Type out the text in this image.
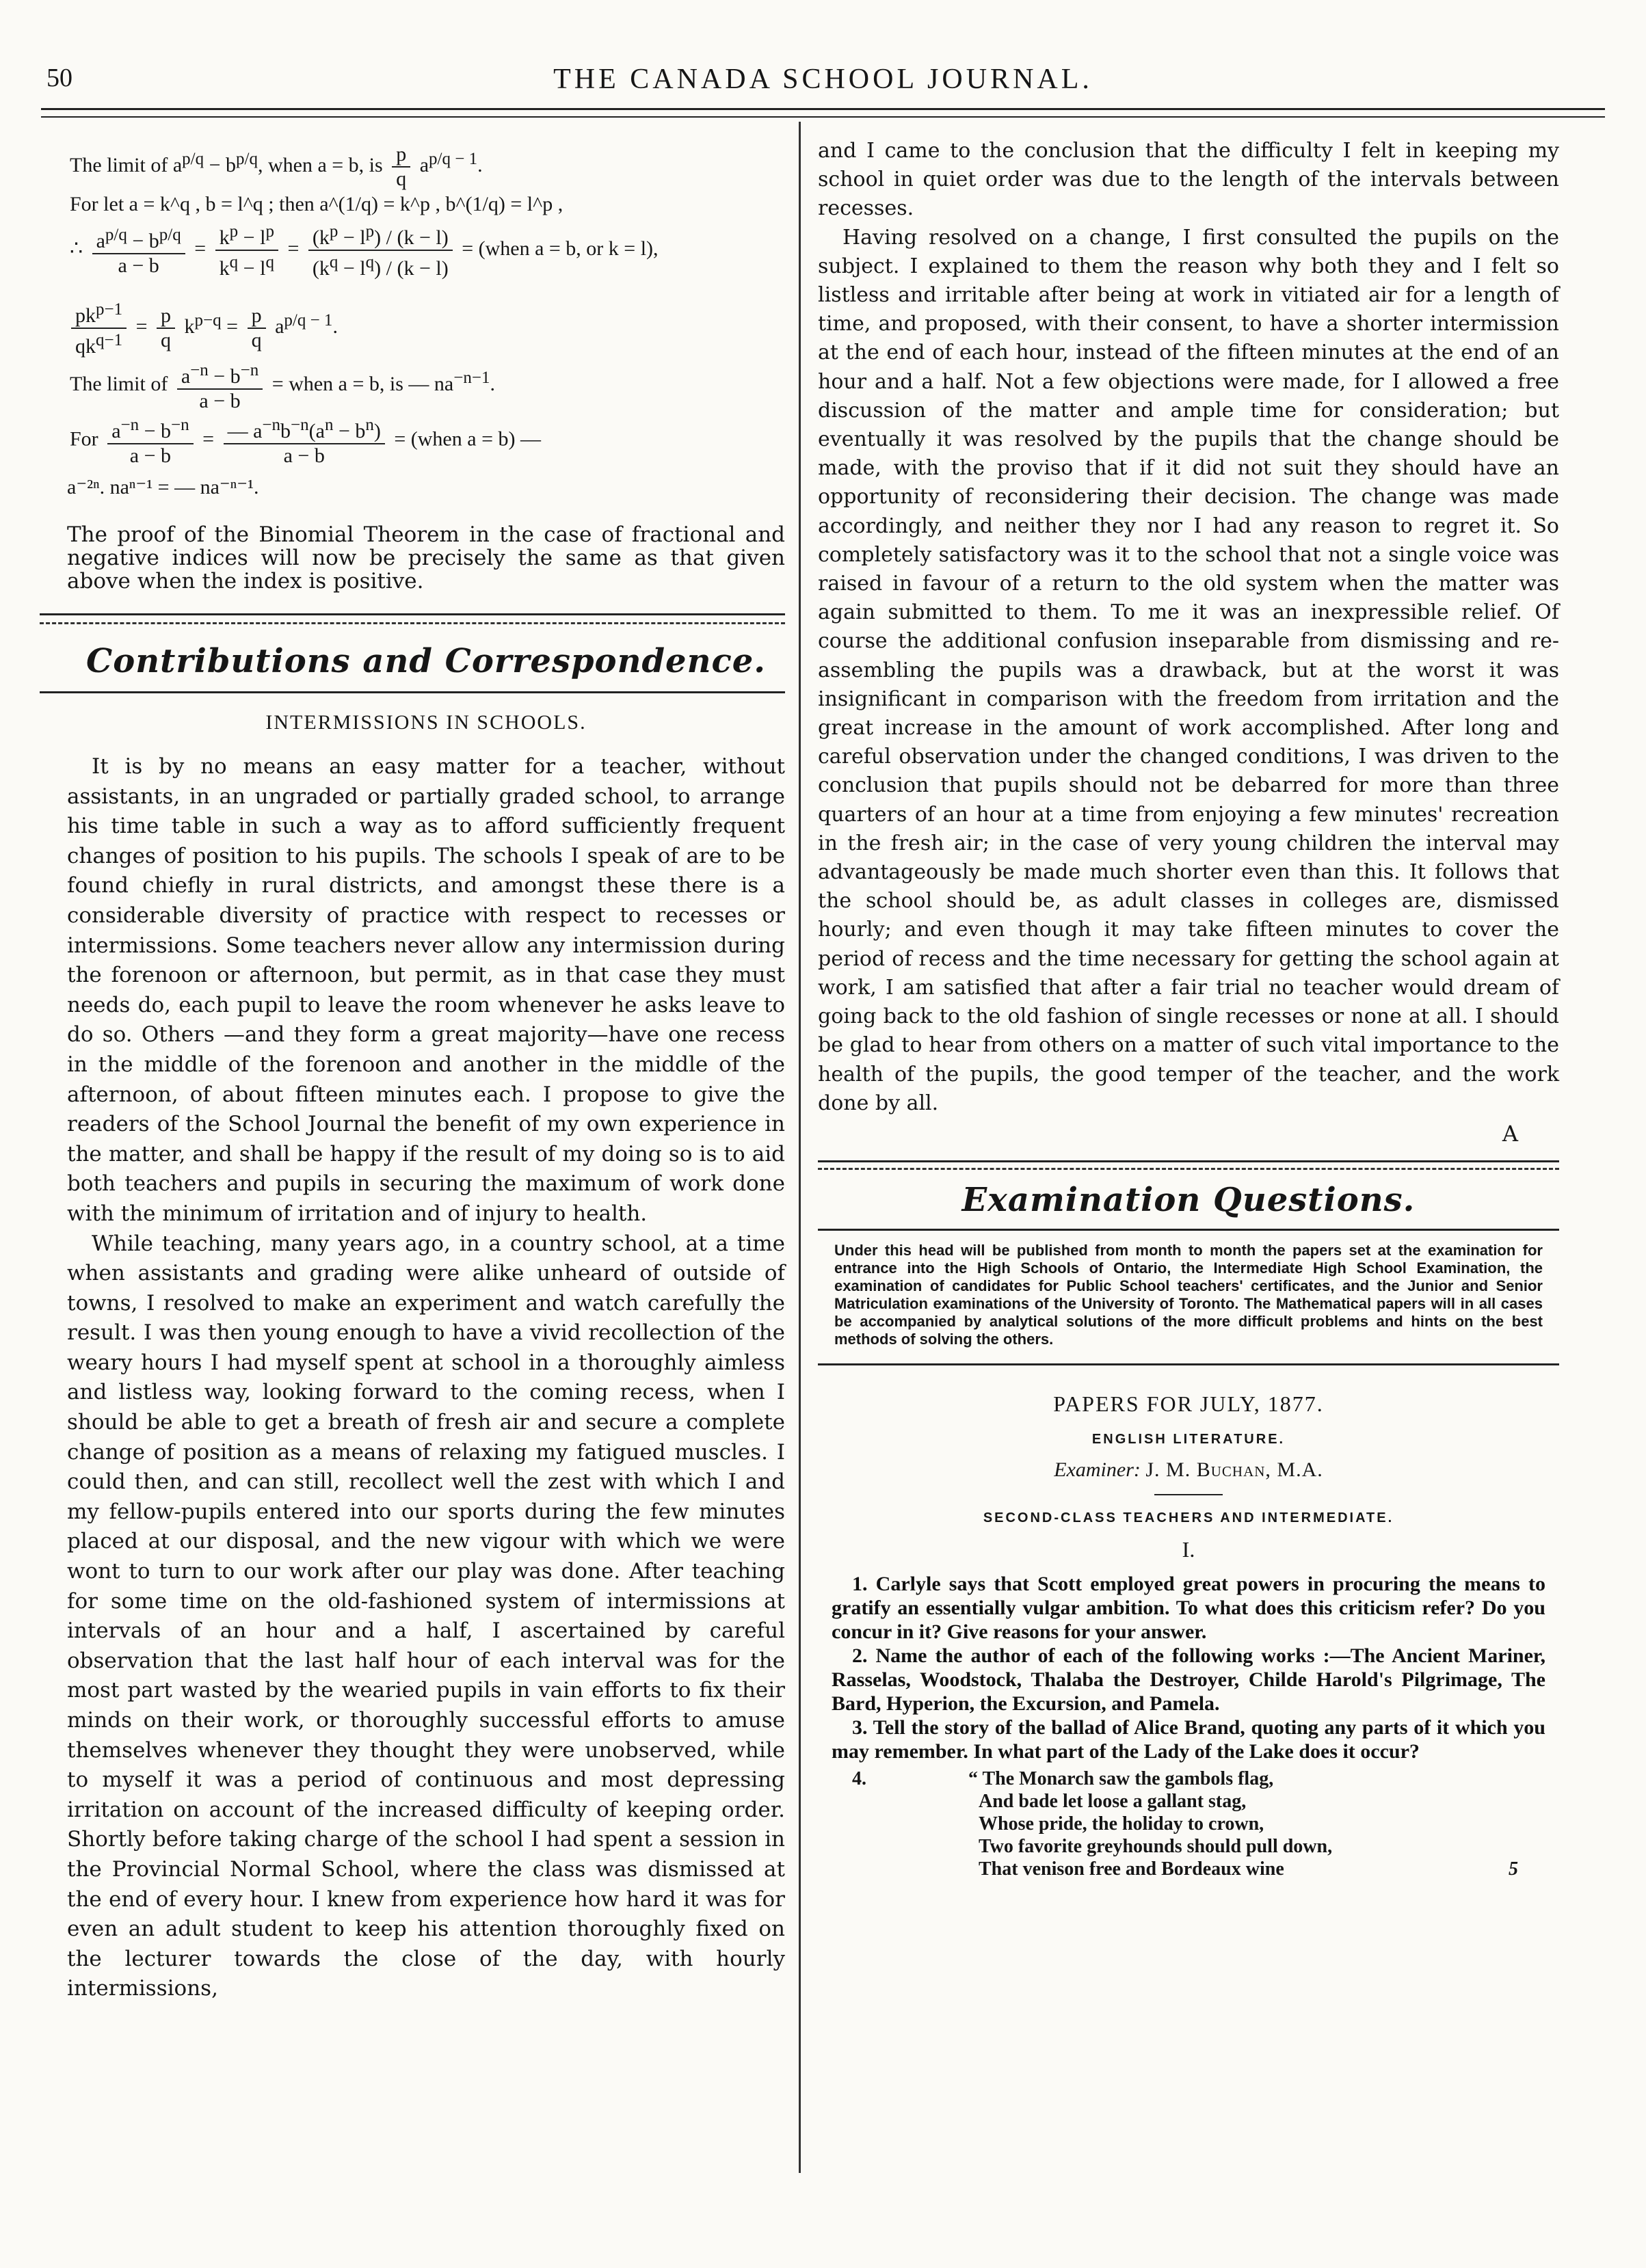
50	THE CANADA SCHOOL JOURNAL.
The limit of $a^{p/q} - b^{p/q}$, when a = b, is $\frac{p}{q} a^{p/q - 1}$.
For let a = k^q , b = l^q ; then a^(1/q) = k^p , b^(1/q) = l^p ,
∴ $\frac{a^{p/q} - b^{p/q}}{a - b} = \frac{k^p - l^p}{k^q - l^q} = \frac{(k^p - l^p) / (k - l)}{(k^q - l^q) / (k - l)}$ = (when a = b, or k = l),
$pk^{p-1}$
$qk^{q-1}$
= $\frac{p}{q} k^{p-q} = \frac{p}{q} a^{p/q - 1}$.
The limit of $\frac{a^{-n} - b^{-n}}{a - b}$ = when a = b, is — $na^{-n-1}$.
For $\frac{a^{-n} - b^{-n}}{a - b} = \frac{— a^{-n}b^{-n}(a^n - b^n)}{a - b}$ = (when a = b) —
a⁻²ⁿ. naⁿ⁻¹ = — na⁻ⁿ⁻¹.

The proof of the Binomial Theorem in the case of fractional and negative indices will now be precisely the same as that given above when the index is positive.

Contributions and Correspondence.
INTERMISSIONS IN SCHOOLS.

It is by no means an easy matter for a teacher, without assistants, in an ungraded or partially graded school, to arrange his time table in such a way as to afford sufficiently frequent changes of position to his pupils. The schools I speak of are to be found chiefly in rural districts, and amongst these there is a considerable diversity of practice with respect to recesses or intermissions. Some teachers never allow any intermission during the forenoon or afternoon, but permit, as in that case they must needs do, each pupil to leave the room whenever he asks leave to do so. Others —and they form a great majority—have one recess in the middle of the forenoon and another in the middle of the afternoon, of about fifteen minutes each. I propose to give the readers of the School Journal the benefit of my own experience in the matter, and shall be happy if the result of my doing so is to aid both teachers and pupils in securing the maximum of work done with the minimum of irritation and of injury to health.

While teaching, many years ago, in a country school, at a time when assistants and grading were alike unheard of outside of towns, I resolved to make an experiment and watch carefully the result. I was then young enough to have a vivid recollection of the weary hours I had myself spent at school in a thoroughly aimless and listless way, looking forward to the coming recess, when I should be able to get a breath of fresh air and secure a complete change of position as a means of relaxing my fatigued muscles. I could then, and can still, recollect well the zest with which I and my fellow-pupils entered into our sports during the few minutes placed at our disposal, and the new vigour with which we were wont to turn to our work after our play was done. After teaching for some time on the old-fashioned system of intermissions at intervals of an hour and a half, I ascertained by careful observation that the last half hour of each interval was for the most part wasted by the wearied pupils in vain efforts to fix their minds on their work, or thoroughly successful efforts to amuse themselves whenever they thought they were unobserved, while to myself it was a period of continuous and most depressing irritation on account of the increased difficulty of keeping order. Shortly before taking charge of the school I had spent a session in the Provincial Normal School, where the class was dismissed at the end of every hour. I knew from experience how hard it was for even an adult student to keep his attention thoroughly fixed on the lecturer towards the close of the day, with hourly intermissions,

and I came to the conclusion that the difficulty I felt in keeping my school in quiet order was due to the length of the intervals between recesses.

Having resolved on a change, I first consulted the pupils on the subject. I explained to them the reason why both they and I felt so listless and irritable after being at work in vitiated air for a length of time, and proposed, with their consent, to have a shorter intermission at the end of each hour, instead of the fifteen minutes at the end of an hour and a half. Not a few objections were made, for I allowed a free discussion of the matter and ample time for consideration; but eventually it was resolved by the pupils that the change should be made, with the proviso that if it did not suit they should have an opportunity of reconsidering their decision. The change was made accordingly, and neither they nor I had any reason to regret it. So completely satisfactory was it to the school that not a single voice was raised in favour of a return to the old system when the matter was again submitted to them. To me it was an inexpressible relief. Of course the additional confusion inseparable from dismissing and re-assembling the pupils was a drawback, but at the worst it was insignificant in comparison with the freedom from irritation and the great increase in the amount of work accomplished. After long and careful observation under the changed conditions, I was driven to the conclusion that pupils should not be debarred for more than three quarters of an hour at a time from enjoying a few minutes' recreation in the fresh air; in the case of very young children the interval may advantageously be made much shorter even than this. It follows that the school should be, as adult classes in colleges are, dismissed hourly; and even though it may take fifteen minutes to cover the period of recess and the time necessary for getting the school again at work, I am satisfied that after a fair trial no teacher would dream of going back to the old fashion of single recesses or none at all. I should be glad to hear from others on a matter of such vital importance to the health of the pupils, the good temper of the teacher, and the work done by all.

A
Examination Questions.

Under this head will be published from month to month the papers set at the examination for entrance into the High Schools of Ontario, the Intermediate High School Examination, the examination of candidates for Public School teachers' certificates, and the Junior and Senior Matriculation examinations of the University of Toronto. The Mathematical papers will in all cases be accompanied by analytical solutions of the more difficult problems and hints on the best methods of solving the others.

PAPERS FOR JULY, 1877.
ENGLISH LITERATURE.
Examiner: J. M. Buchan, M.A.
SECOND-CLASS TEACHERS AND INTERMEDIATE.
I.

1. Carlyle says that Scott employed great powers in procuring the means to gratify an essentially vulgar ambition. To what does this criticism refer? Do you concur in it? Give reasons for your answer.

2. Name the author of each of the following works :—The Ancient Mariner, Rasselas, Woodstock, Thalaba the Destroyer, Childe Harold's Pilgrimage, The Bard, Hyperion, the Excursion, and Pamela.

3. Tell the story of the ballad of Alice Brand, quoting any parts of it which you may remember. In what part of the Lady of the Lake does it occur?

4.	“ The Monarch saw the gambols flag,
And bade let loose a gallant stag,
Whose pride, the holiday to crown,
Two favorite greyhounds should pull down,
That venison free and Bordeaux wine	5
